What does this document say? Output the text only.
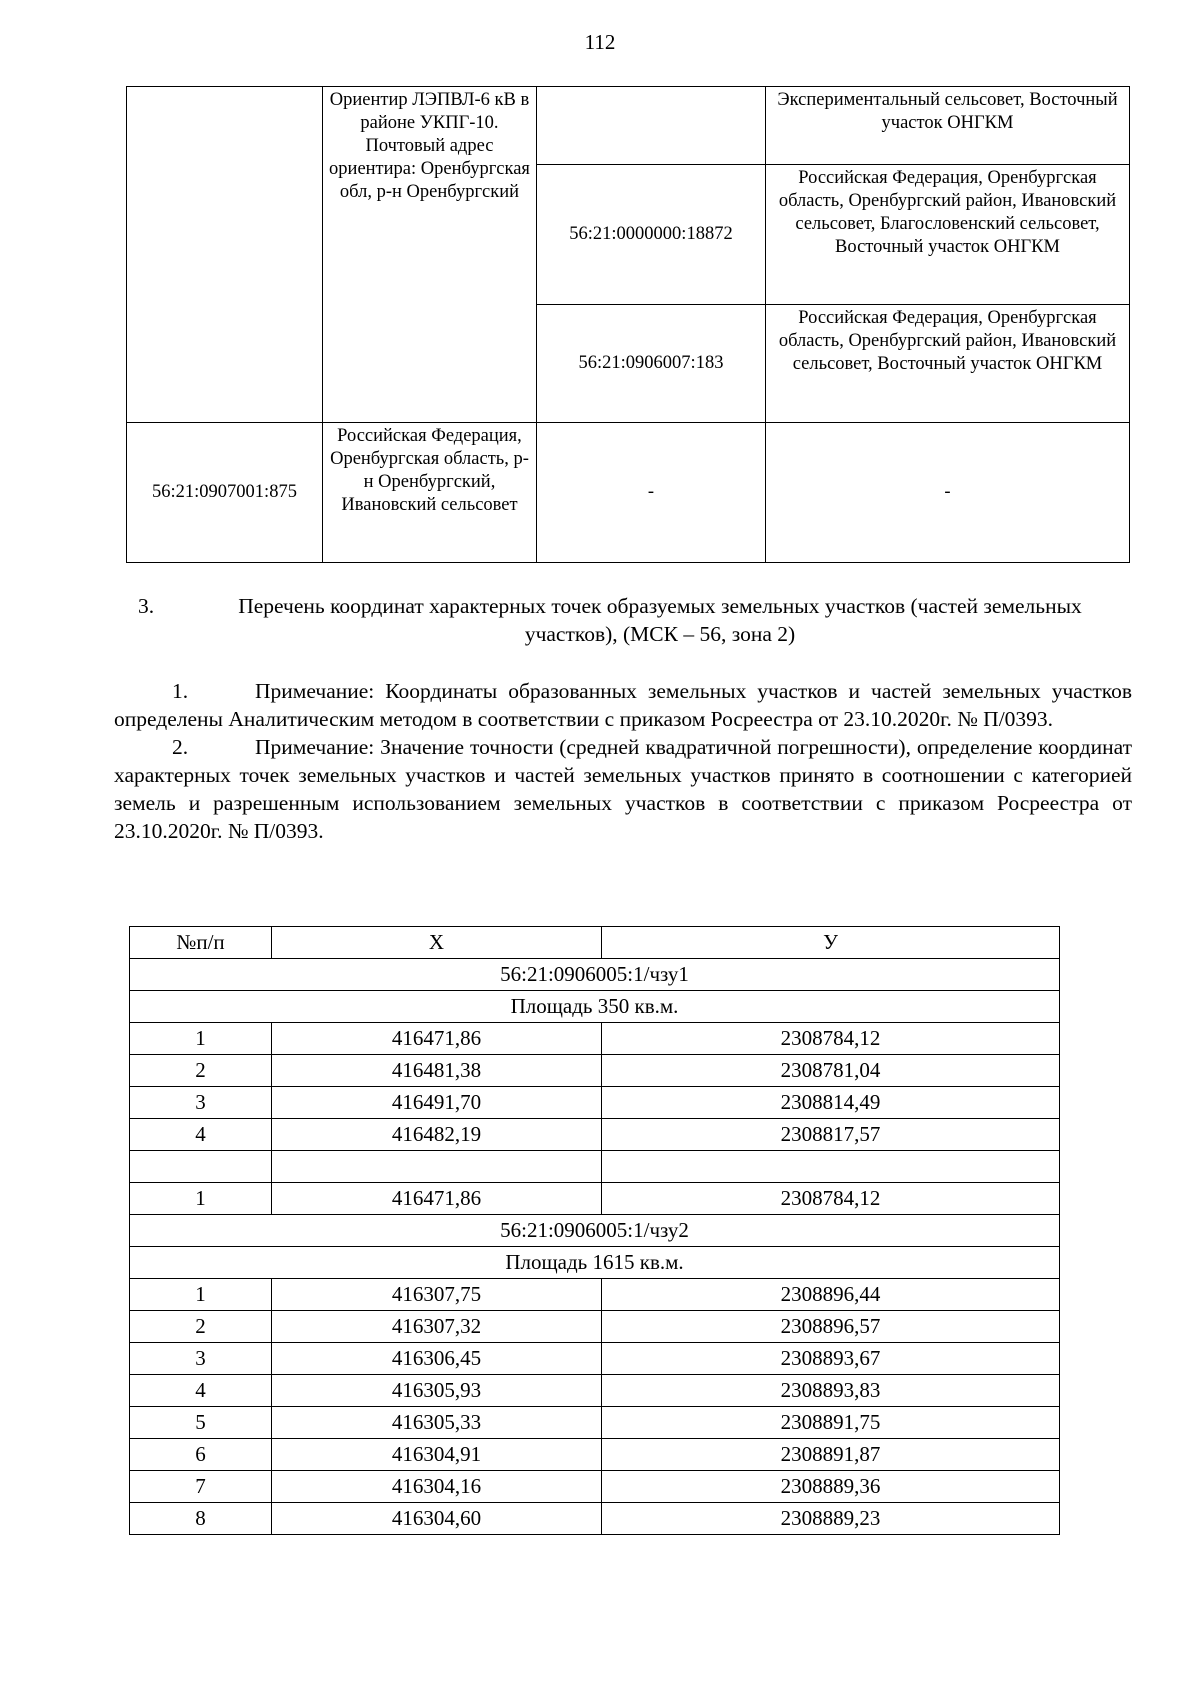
112
	Ориентир ЛЭПВЛ-6 кВ в районе УКПГ-10. Почтовый адрес ориентира: Оренбургская обл, р-н Оренбургский		Экспериментальный сельсовет, Восточный участок ОНГКМ
		56:21:0000000:18872	Российская Федерация, Оренбургская область, Оренбургский район, Ивановский сельсовет, Благословенский сельсовет, Восточный участок ОНГКМ
		56:21:0906007:183	Российская Федерация, Оренбургская область, Оренбургский район, Ивановский сельсовет, Восточный участок ОНГКМ
56:21:0907001:875	Российская Федерация, Оренбургская область, р-н Оренбургский, Ивановский сельсовет	-	-
3.	Перечень координат характерных точек образуемых земельных участков (частей земельных участков), (МСК – 56, зона 2)
1.	Примечание: Координаты образованных земельных участков и частей земельных участков определены Аналитическим методом в соответствии с приказом Росреестра от 23.10.2020г. № П/0393.
2.	Примечание: Значение точности (средней квадратичной погрешности), определение координат характерных точек земельных участков и частей земельных участков принято в соотношении с категорией земель и разрешенным использованием земельных участков в соответствии с приказом Росреестра от 23.10.2020г. № П/0393.
№п/п	X	У
56:21:0906005:1/чзу1		
Площадь 350 кв.м.		
1	416471,86	2308784,12
2	416481,38	2308781,04
3	416491,70	2308814,49
4	416482,19	2308817,57

1	416471,86	2308784,12
56:21:0906005:1/чзу2		
Площадь 1615 кв.м.		
1	416307,75	2308896,44
2	416307,32	2308896,57
3	416306,45	2308893,67
4	416305,93	2308893,83
5	416305,33	2308891,75
6	416304,91	2308891,87
7	416304,16	2308889,36
8	416304,60	2308889,23
